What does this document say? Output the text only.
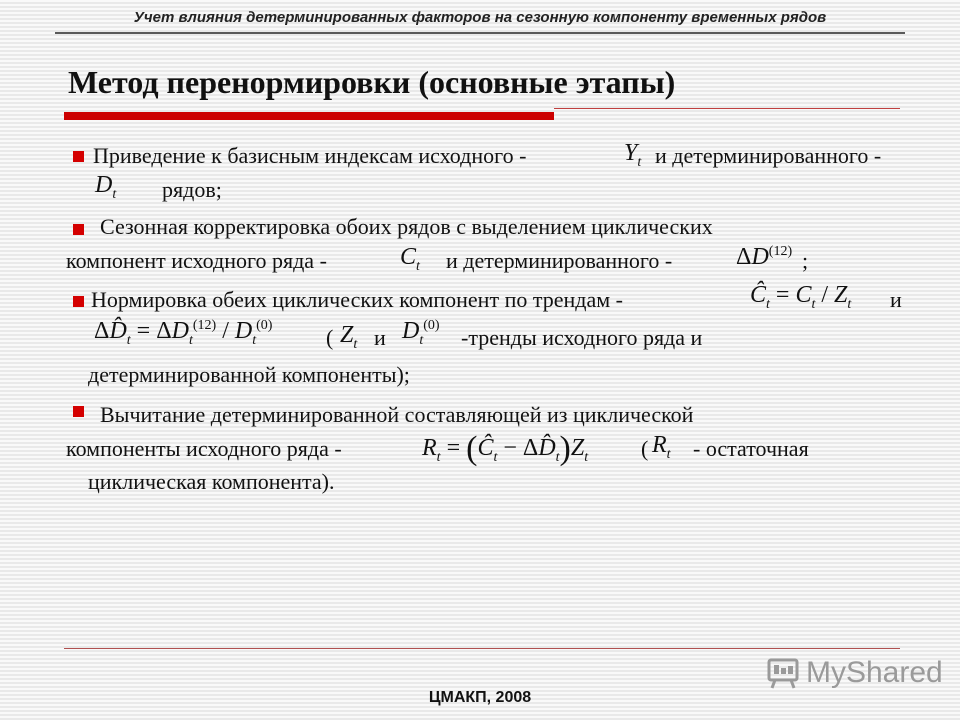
Учет влияния детерминированных факторов на сезонную компоненту временных рядов
Метод перенормировки (основные этапы)
Приведение к базисным индексам исходного -	$Y_t$ и детерминированного -
$D_t$ рядов;
Сезонная корректировка обоих рядов с выделением циклических
компонент исходного ряда -	$C_t$ и детерминированного -	ΔD$^{(12)}$ ;
Нормировка обеих циклических компонент по трендам -	$Ĉ_t = C_t / Z_t$ и
$\Delta D̂_t = \Delta D_t^{(12)} / D_t^{(0)}$ ( $Z_t$ и $D_t^{(0)}$ -тренды исходного ряда и
детерминированной компоненты);
Вычитание детерминированной составляющей из циклической
компоненты исходного ряда -	$R_t$ = ($Ĉ_t$ − $\Delta D̂_t)Z_t$ ( $R_t$ - остаточная
циклическая компонента).
MyShared
ЦМАКП, 2008
